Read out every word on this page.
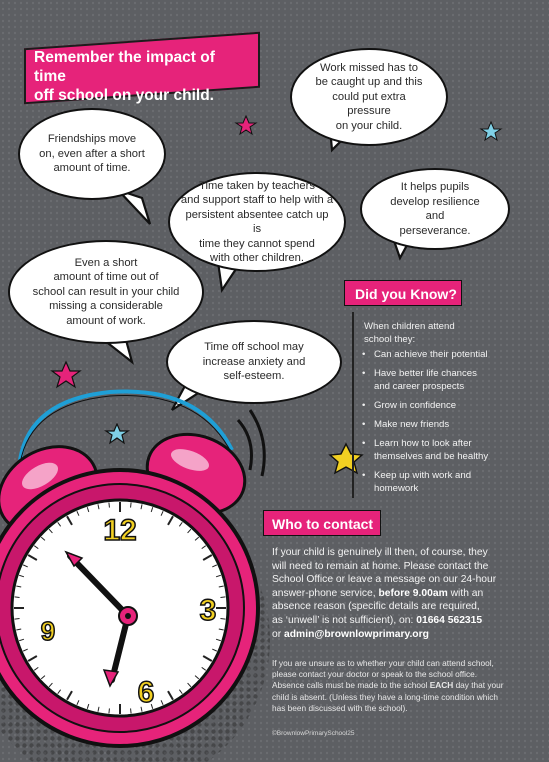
Remember the impact of time
off school on your child.
Friendships move
on, even after a short
amount of time.
Work missed has to
be caught up and this
could put extra pressure
on your child.
Time taken by teachers
and support staff to help with a
persistent absentee catch up is
time they cannot spend
with other children.
It helps pupils
develop resilience and
perseverance.
Even a short
amount of time out of
school can result in your child
missing a considerable
amount of work.
Time off school may
increase anxiety and
self-esteem.
Did you Know?
When children attend
school they:
• Can achieve their potential
• Have better life chances
and career prospects
• Grow in confidence
• Make new friends
• Learn how to look after
themselves and be healthy
• Keep up with work and
homework
Who to contact
If your child is genuinely ill then, of course, they
will need to remain at home. Please contact the
School Office or leave a message on our 24-hour
answer-phone service, before 9.00am with an
absence reason (specific details are required,
as ‘unwell’ is not sufficient), on: 01664 562315
or admin@brownlowprimary.org
If you are unsure as to whether your child can attend school,
please contact your doctor or speak to the school office.
Absence calls must be made to the school EACH day that your
child is absent. (Unless they have a long-time condition which
has been discussed with the school).
©BrownlowPrimarySchool25
12
3
6
9
